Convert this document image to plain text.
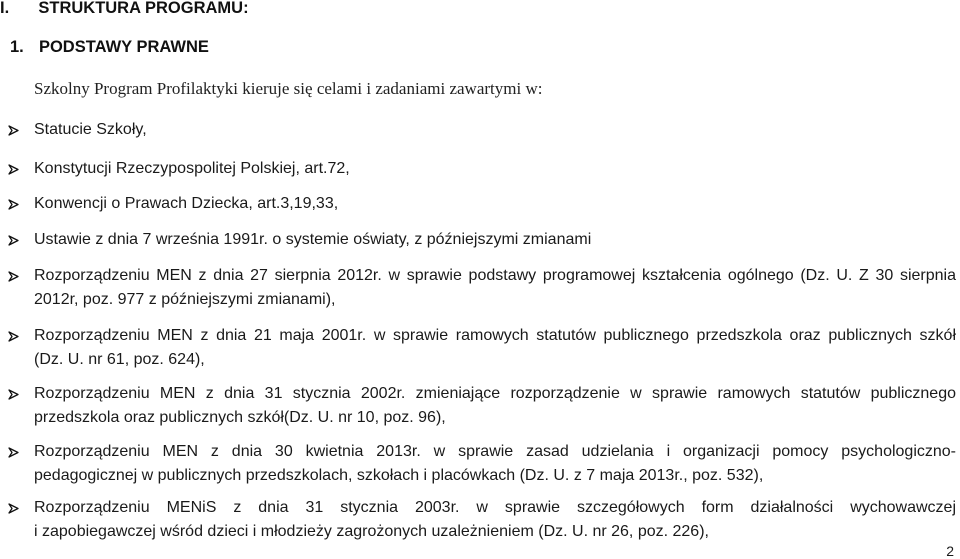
I. STRUKTURA PROGRAMU:
1. PODSTAWY PRAWNE
Szkolny Program Profilaktyki kieruje się celami i zadaniami zawartymi w:
Statucie Szkoły,
Konstytucji Rzeczypospolitej Polskiej, art.72,
Konwencji o Prawach Dziecka, art.3,19,33,
Ustawie z dnia 7 września 1991r. o systemie oświaty, z późniejszymi zmianami
Rozporządzeniu MEN z dnia 27 sierpnia 2012r. w sprawie podstawy programowej kształcenia ogólnego (Dz. U. Z 30 sierpnia
2012r, poz. 977 z późniejszymi zmianami),
Rozporządzeniu MEN z dnia 21 maja 2001r. w sprawie ramowych statutów publicznego przedszkola oraz publicznych szkół
(Dz. U. nr 61, poz. 624),
Rozporządzeniu MEN z dnia 31 stycznia 2002r. zmieniające rozporządzenie w sprawie ramowych statutów publicznego
przedszkola oraz publicznych szkół(Dz. U. nr 10, poz. 96),
Rozporządzeniu MEN z dnia 30 kwietnia 2013r. w sprawie zasad udzielania i organizacji pomocy psychologiczno-
pedagogicznej w publicznych przedszkolach, szkołach i placówkach (Dz. U. z 7 maja 2013r., poz. 532),
Rozporządzeniu MENiS z dnia 31 stycznia 2003r. w sprawie szczegółowych form działalności wychowawczej
i zapobiegawczej wśród dzieci i młodzieży zagrożonych uzależnieniem (Dz. U. nr 26, poz. 226),
2
